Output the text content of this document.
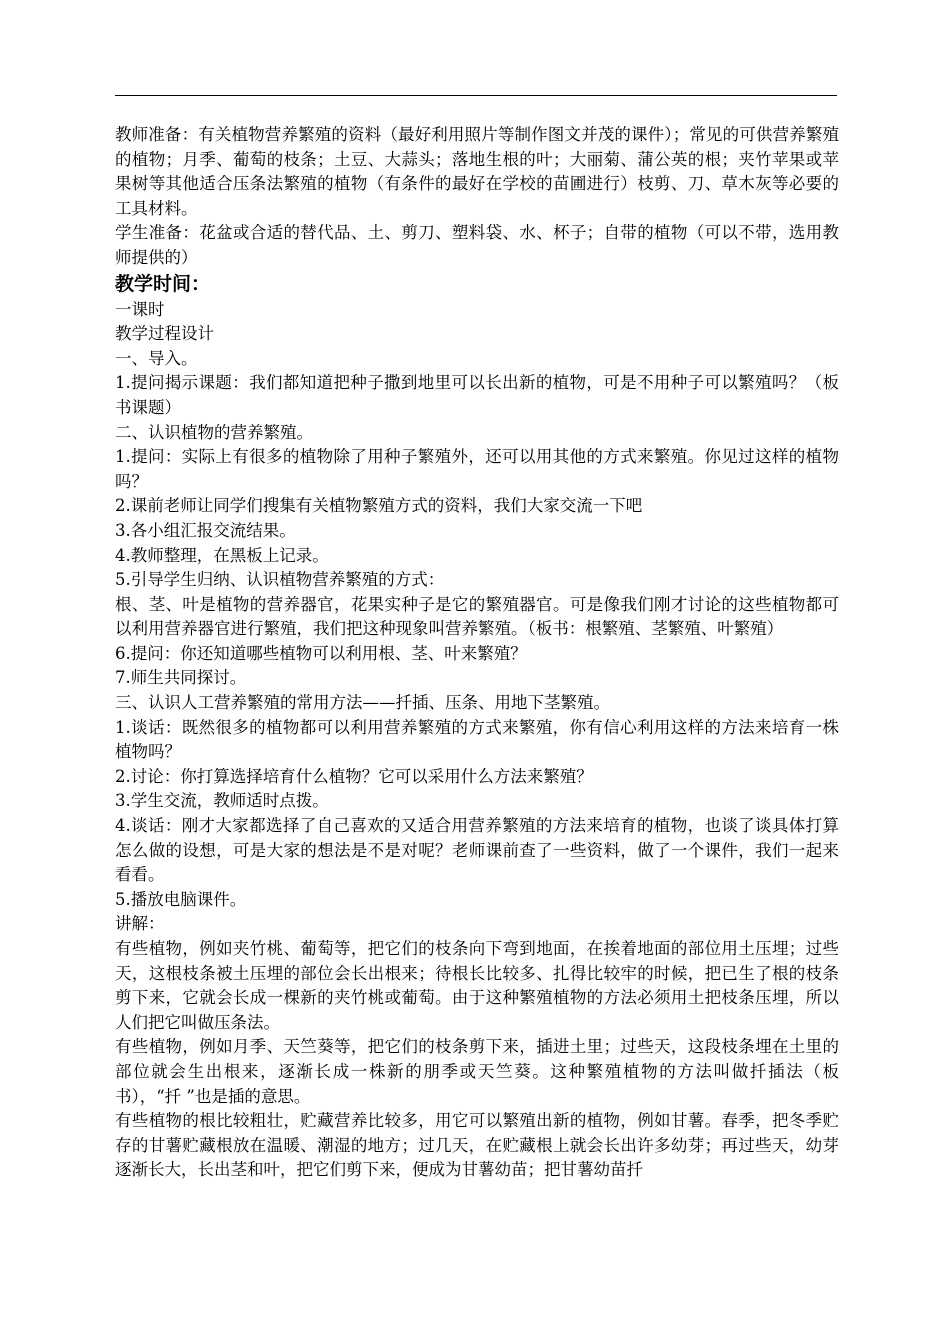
教师准备：有关植物营养繁殖的资料（最好利用照片等制作图文并茂的课件）；常见的可供营养繁殖的植物；月季、葡萄的枝条；土豆、大蒜头；落地生根的叶；大丽菊、蒲公英的根；夹竹苹果或苹果树等其他适合压条法繁殖的植物（有条件的最好在学校的苗圃进行）枝剪、刀、草木灰等必要的工具材料。

学生准备：花盆或合适的替代品、土、剪刀、塑料袋、水、杯子；自带的植物（可以不带，选用教师提供的）

教学时间：

一课时

教学过程设计

一、导入。

1.提问揭示课题：我们都知道把种子撒到地里可以长出新的植物，可是不用种子可以繁殖吗？（板书课题）

二、认识植物的营养繁殖。

1.提问：实际上有很多的植物除了用种子繁殖外，还可以用其他的方式来繁殖。你见过这样的植物吗？

2.课前老师让同学们搜集有关植物繁殖方式的资料，我们大家交流一下吧

3.各小组汇报交流结果。

4.教师整理，在黑板上记录。

5.引导学生归纳、认识植物营养繁殖的方式：

根、茎、叶是植物的营养器官，花果实种子是它的繁殖器官。可是像我们刚才讨论的这些植物都可以利用营养器官进行繁殖，我们把这种现象叫营养繁殖。（板书：根繁殖、茎繁殖、叶繁殖）

6.提问：你还知道哪些植物可以利用根、茎、叶来繁殖？

7.师生共同探讨。

三、认识人工营养繁殖的常用方法——扦插、压条、用地下茎繁殖。

1.谈话：既然很多的植物都可以利用营养繁殖的方式来繁殖，你有信心利用这样的方法来培育一株植物吗？

2.讨论：你打算选择培育什么植物？它可以采用什么方法来繁殖？

3.学生交流，教师适时点拨。

4.谈话：刚才大家都选择了自己喜欢的又适合用营养繁殖的方法来培育的植物，也谈了谈具体打算怎么做的设想，可是大家的想法是不是对呢？老师课前查了一些资料，做了一个课件，我们一起来看看。

5.播放电脑课件。

讲解：

有些植物，例如夹竹桃、葡萄等，把它们的枝条向下弯到地面，在挨着地面的部位用土压埋；过些天，这根枝条被土压埋的部位会长出根来；待根长比较多、扎得比较牢的时候，把已生了根的枝条剪下来，它就会长成一棵新的夹竹桃或葡萄。由于这种繁殖植物的方法必须用土把枝条压埋，所以人们把它叫做压条法。

有些植物，例如月季、天竺葵等，把它们的枝条剪下来，插进土里；过些天，这段枝条埋在土里的部位就会生出根来，逐渐长成一株新的朋季或天竺葵。这种繁殖植物的方法叫做扦插法（板书），“扦 ”也是插的意思。

有些植物的根比较粗壮，贮藏营养比较多，用它可以繁殖出新的植物，例如甘薯。春季，把冬季贮存的甘薯贮藏根放在温暖、潮湿的地方；过几天，在贮藏根上就会长出许多幼芽；再过些天，幼芽逐渐长大，长出茎和叶，把它们剪下来，便成为甘薯幼苗；把甘薯幼苗扦
